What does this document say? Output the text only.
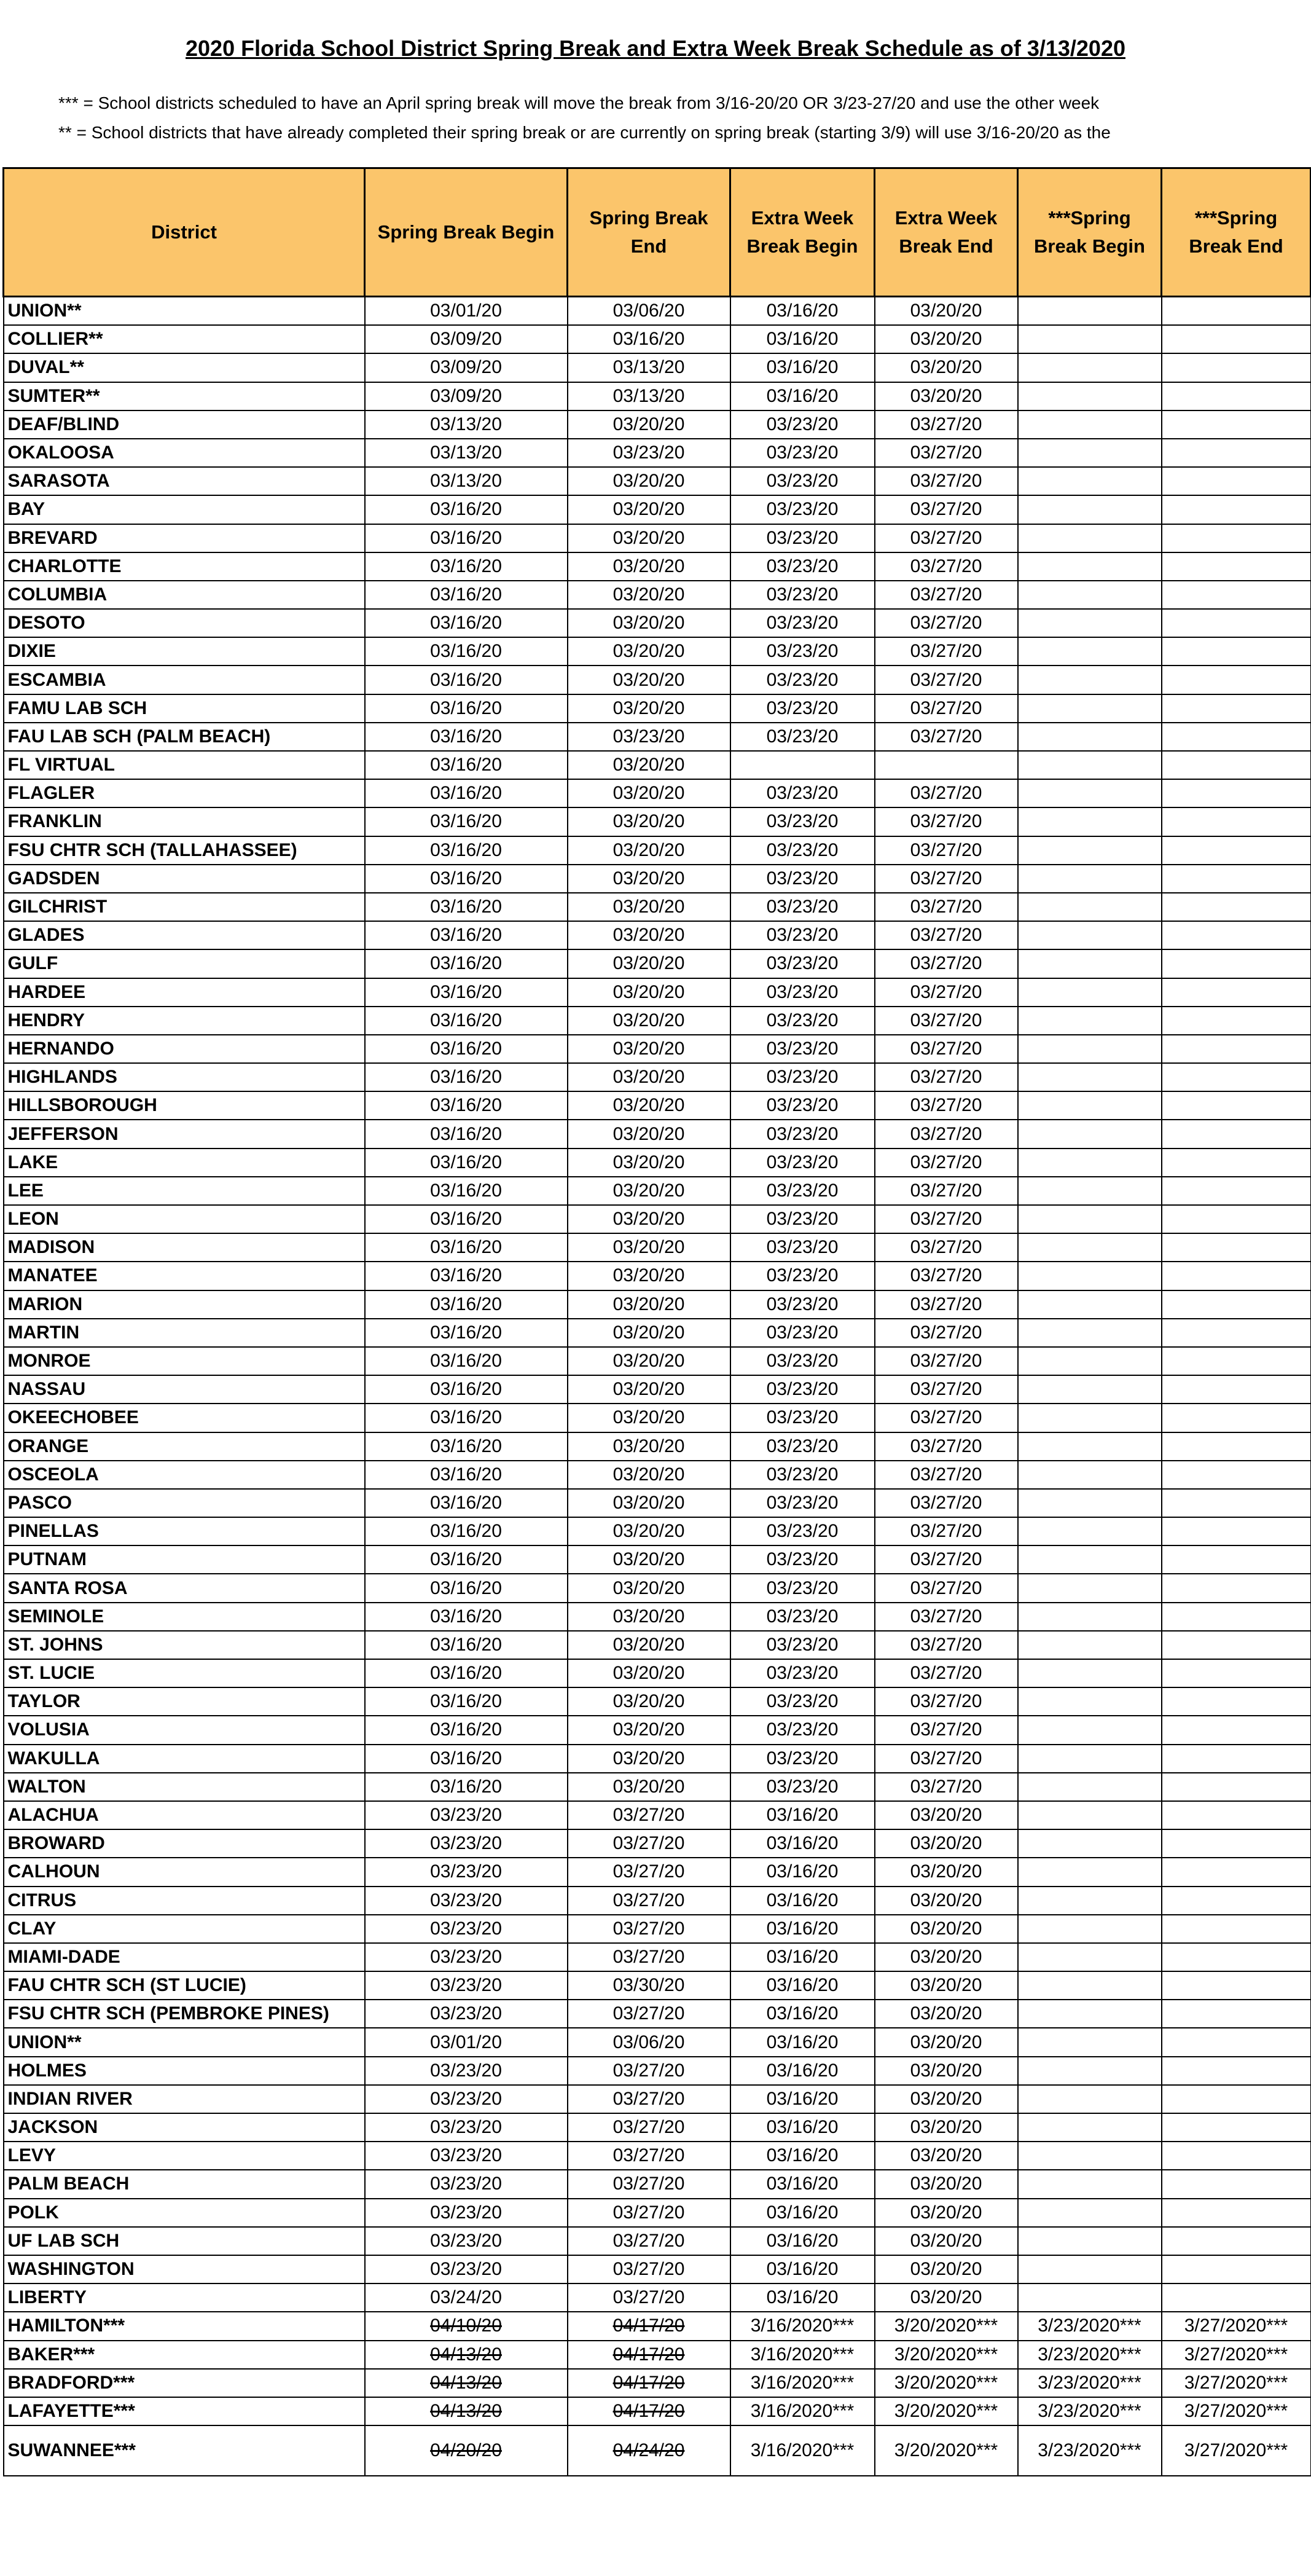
2020 Florida School District Spring Break and Extra Week Break Schedule as of 3/13/2020
*** = School districts scheduled to have an April spring break will move the break from 3/16-20/20 OR 3/23-27/20 and use the other week
** = School districts that have already completed their spring break or are currently on spring break (starting 3/9) will use 3/16-20/20 as the
District	Spring Break Begin	Spring Break End	Extra Week Break Begin	Extra Week Break End	***Spring Break Begin	***Spring Break End
UNION**	03/01/20	03/06/20	03/16/20	03/20/20		
COLLIER**	03/09/20	03/16/20	03/16/20	03/20/20		
DUVAL**	03/09/20	03/13/20	03/16/20	03/20/20		
SUMTER**	03/09/20	03/13/20	03/16/20	03/20/20		
DEAF/BLIND	03/13/20	03/20/20	03/23/20	03/27/20		
OKALOOSA	03/13/20	03/23/20	03/23/20	03/27/20		
SARASOTA	03/13/20	03/20/20	03/23/20	03/27/20		
BAY	03/16/20	03/20/20	03/23/20	03/27/20		
BREVARD	03/16/20	03/20/20	03/23/20	03/27/20		
CHARLOTTE	03/16/20	03/20/20	03/23/20	03/27/20		
COLUMBIA	03/16/20	03/20/20	03/23/20	03/27/20		
DESOTO	03/16/20	03/20/20	03/23/20	03/27/20		
DIXIE	03/16/20	03/20/20	03/23/20	03/27/20		
ESCAMBIA	03/16/20	03/20/20	03/23/20	03/27/20		
FAMU LAB SCH	03/16/20	03/20/20	03/23/20	03/27/20		
FAU LAB SCH (PALM BEACH)	03/16/20	03/23/20	03/23/20	03/27/20		
FL VIRTUAL	03/16/20	03/20/20				
FLAGLER	03/16/20	03/20/20	03/23/20	03/27/20		
FRANKLIN	03/16/20	03/20/20	03/23/20	03/27/20		
FSU CHTR SCH (TALLAHASSEE)	03/16/20	03/20/20	03/23/20	03/27/20		
GADSDEN	03/16/20	03/20/20	03/23/20	03/27/20		
GILCHRIST	03/16/20	03/20/20	03/23/20	03/27/20		
GLADES	03/16/20	03/20/20	03/23/20	03/27/20		
GULF	03/16/20	03/20/20	03/23/20	03/27/20		
HARDEE	03/16/20	03/20/20	03/23/20	03/27/20		
HENDRY	03/16/20	03/20/20	03/23/20	03/27/20		
HERNANDO	03/16/20	03/20/20	03/23/20	03/27/20		
HIGHLANDS	03/16/20	03/20/20	03/23/20	03/27/20		
HILLSBOROUGH	03/16/20	03/20/20	03/23/20	03/27/20		
JEFFERSON	03/16/20	03/20/20	03/23/20	03/27/20		
LAKE	03/16/20	03/20/20	03/23/20	03/27/20		
LEE	03/16/20	03/20/20	03/23/20	03/27/20		
LEON	03/16/20	03/20/20	03/23/20	03/27/20		
MADISON	03/16/20	03/20/20	03/23/20	03/27/20		
MANATEE	03/16/20	03/20/20	03/23/20	03/27/20		
MARION	03/16/20	03/20/20	03/23/20	03/27/20		
MARTIN	03/16/20	03/20/20	03/23/20	03/27/20		
MONROE	03/16/20	03/20/20	03/23/20	03/27/20		
NASSAU	03/16/20	03/20/20	03/23/20	03/27/20		
OKEECHOBEE	03/16/20	03/20/20	03/23/20	03/27/20		
ORANGE	03/16/20	03/20/20	03/23/20	03/27/20		
OSCEOLA	03/16/20	03/20/20	03/23/20	03/27/20		
PASCO	03/16/20	03/20/20	03/23/20	03/27/20		
PINELLAS	03/16/20	03/20/20	03/23/20	03/27/20		
PUTNAM	03/16/20	03/20/20	03/23/20	03/27/20		
SANTA ROSA	03/16/20	03/20/20	03/23/20	03/27/20		
SEMINOLE	03/16/20	03/20/20	03/23/20	03/27/20		
ST. JOHNS	03/16/20	03/20/20	03/23/20	03/27/20		
ST. LUCIE	03/16/20	03/20/20	03/23/20	03/27/20		
TAYLOR	03/16/20	03/20/20	03/23/20	03/27/20		
VOLUSIA	03/16/20	03/20/20	03/23/20	03/27/20		
WAKULLA	03/16/20	03/20/20	03/23/20	03/27/20		
WALTON	03/16/20	03/20/20	03/23/20	03/27/20		
ALACHUA	03/23/20	03/27/20	03/16/20	03/20/20		
BROWARD	03/23/20	03/27/20	03/16/20	03/20/20		
CALHOUN	03/23/20	03/27/20	03/16/20	03/20/20		
CITRUS	03/23/20	03/27/20	03/16/20	03/20/20		
CLAY	03/23/20	03/27/20	03/16/20	03/20/20		
MIAMI-DADE	03/23/20	03/27/20	03/16/20	03/20/20		
FAU CHTR SCH (ST LUCIE)	03/23/20	03/30/20	03/16/20	03/20/20		
FSU CHTR SCH (PEMBROKE PINES)	03/23/20	03/27/20	03/16/20	03/20/20		
UNION**	03/01/20	03/06/20	03/16/20	03/20/20		
HOLMES	03/23/20	03/27/20	03/16/20	03/20/20		
INDIAN RIVER	03/23/20	03/27/20	03/16/20	03/20/20		
JACKSON	03/23/20	03/27/20	03/16/20	03/20/20		
LEVY	03/23/20	03/27/20	03/16/20	03/20/20		
PALM BEACH	03/23/20	03/27/20	03/16/20	03/20/20		
POLK	03/23/20	03/27/20	03/16/20	03/20/20		
UF LAB SCH	03/23/20	03/27/20	03/16/20	03/20/20		
WASHINGTON	03/23/20	03/27/20	03/16/20	03/20/20		
LIBERTY	03/24/20	03/27/20	03/16/20	03/20/20		
HAMILTON***	04/10/20	04/17/20	3/16/2020***	3/20/2020***	3/23/2020***	3/27/2020***
BAKER***	04/13/20	04/17/20	3/16/2020***	3/20/2020***	3/23/2020***	3/27/2020***
BRADFORD***	04/13/20	04/17/20	3/16/2020***	3/20/2020***	3/23/2020***	3/27/2020***
LAFAYETTE***	04/13/20	04/17/20	3/16/2020***	3/20/2020***	3/23/2020***	3/27/2020***
SUWANNEE***	04/20/20	04/24/20	3/16/2020***	3/20/2020***	3/23/2020***	3/27/2020***
